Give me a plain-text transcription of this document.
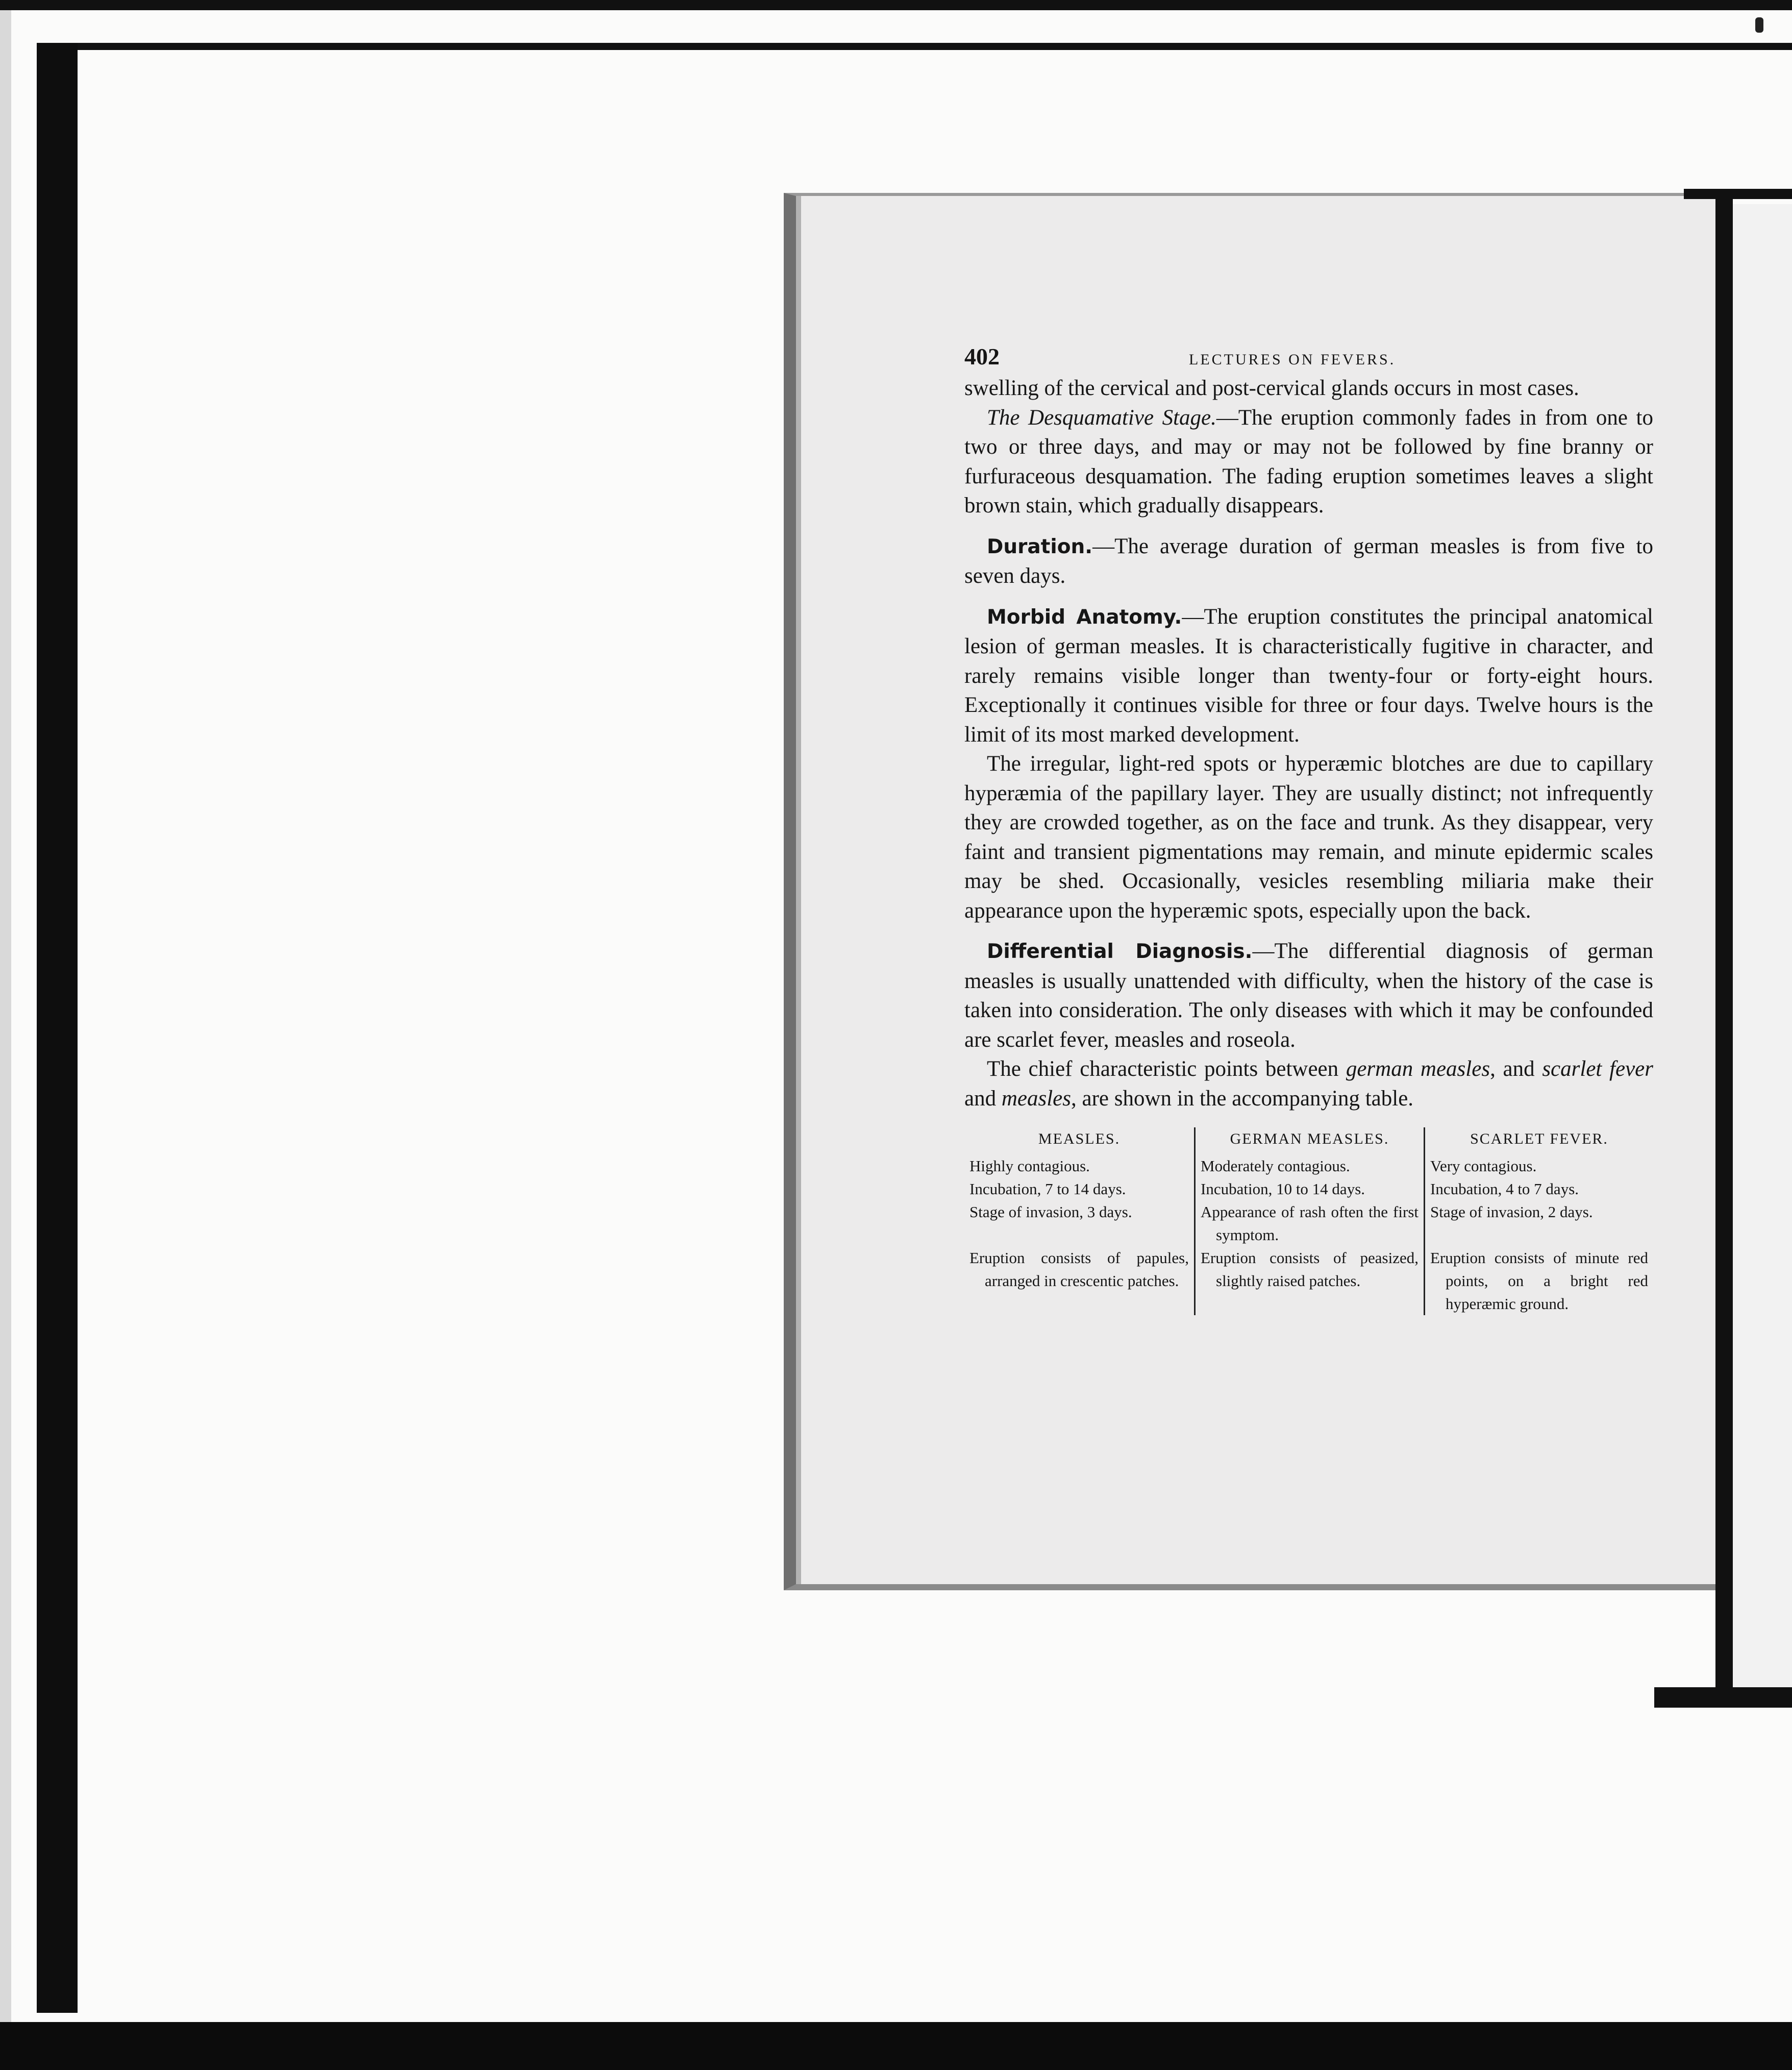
402	LECTURES ON FEVERS.

swelling of the cervical and post-cervical glands occurs in most cases.

The Desquamative Stage.—The eruption commonly fades in from one to two or three days, and may or may not be followed by fine branny or furfuraceous desquamation. The fading eruption sometimes leaves a slight brown stain, which gradually disappears.

Duration.—The average duration of german measles is from five to seven days.

Morbid Anatomy.—The eruption constitutes the principal anatomical lesion of german measles. It is characteristically fugitive in character, and rarely remains visible longer than twenty-four or forty-eight hours. Exceptionally it continues visible for three or four days. Twelve hours is the limit of its most marked development.

The irregular, light-red spots or hyperæmic blotches are due to capillary hyperæmia of the papillary layer. They are usually distinct; not infrequently they are crowded together, as on the face and trunk. As they disappear, very faint and transient pigmentations may remain, and minute epidermic scales may be shed. Occasionally, vesicles resembling miliaria make their appearance upon the hyperæmic spots, especially upon the back.

Differential Diagnosis.—The differential diagnosis of german measles is usually unattended with difficulty, when the history of the case is taken into consideration. The only diseases with which it may be confounded are scarlet fever, measles and roseola.

The chief characteristic points between german measles, and scarlet fever and measles, are shown in the accompanying table.

MEASLES.

Highly contagious.

Incubation, 7 to 14 days.

Stage of invasion, 3 days.

Eruption consists of papules, arranged in crescentic patches.

GERMAN MEASLES.

Moderately contagious.

Incubation, 10 to 14 days.

Appearance of rash often the first symptom.

Eruption consists of peasized, slightly raised patches.

SCARLET FEVER.

Very contagious.

Incubation, 4 to 7 days.

Stage of invasion, 2 days.

Eruption consists of minute red points, on a bright red hyperæmic ground.
